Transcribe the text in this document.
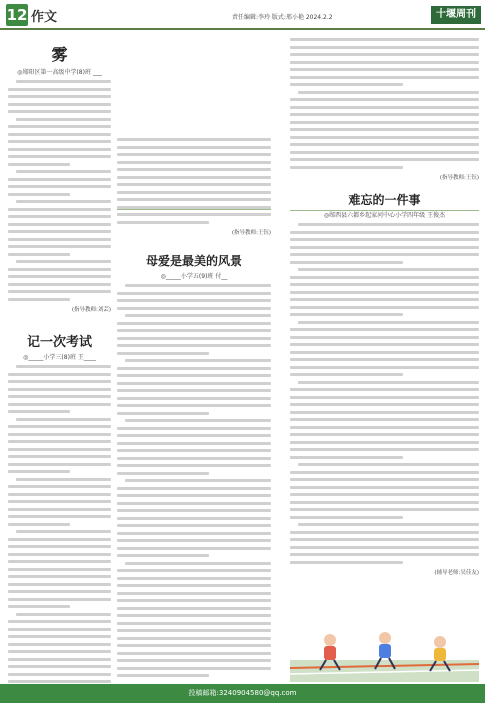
12 作文	责任编辑:李玲 版式:邢小艳 2024.2.2	十堰周刊
雾
◎郧阳区第一高级中学(8)班 ___
(指导教师:刘芸)
记一次考试
◎_____小学三(8)班 王____
(指导教师:王钰)
母爱是最美的风景
◎_____小学五(9)班 付__
(指导教师:王钰)
难忘的一件事
◎郧西县六都乡起家河中心小学四年级 王俊杰
(辅导老师:吴佳友)
投稿邮箱:3240904580@qq.com
